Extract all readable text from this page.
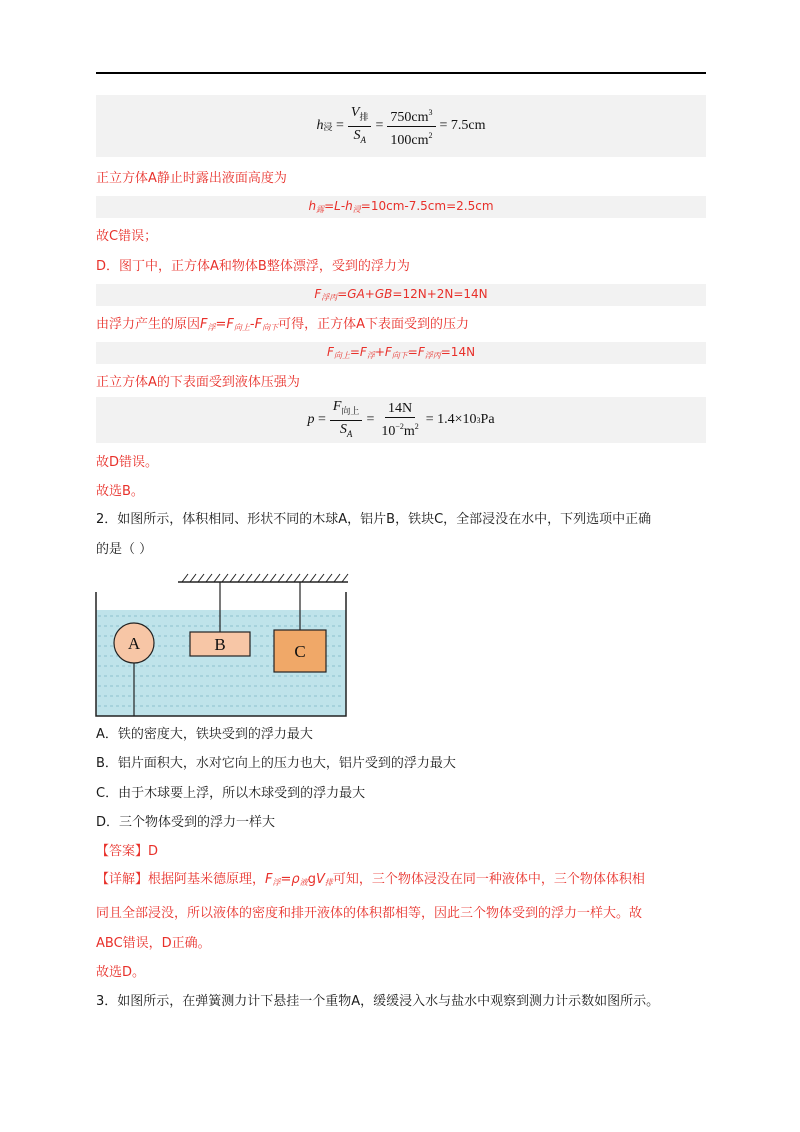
h 浸 = $\frac{V_排}{S_A} = \frac{750cm^3}{100cm^2} = 7.5cm$
正立方体A静止时露出液面高度为
h露=L-h浸=10cm-7.5cm=2.5cm
故C错误；
D．图丁中，正方体A和物体B整体漂浮，受到的浮力为
F浮丙=GA+GB=12N+2N=14N
由浮力产生的原因F浮=F向上-F向下可得，正方体A下表面受到的压力
F向上=F浮+F向下=F浮丙=14N
正立方体A的下表面受到液体压强为
$p = \frac{F_{向上}}{S_A} = \frac{14N}{10^{-2}m^2} = 1.4\times 10$ 3 Pa
故D错误。
故选B。
2．如图所示，体积相同、形状不同的木球A，铝片B，铁块C，全部浸没在水中，下列选项中正确
的是（ ）
A	B	C
A．铁的密度大，铁块受到的浮力最大
B．铝片面积大，水对它向上的压力也大，铝片受到的浮力最大
C．由于木球要上浮，所以木球受到的浮力最大
D．三个物体受到的浮力一样大
【答案】D
【详解】根据阿基米德原理，F浮=ρ液gV排可知，三个物体浸没在同一种液体中，三个物体体积相
同且全部浸没，所以液体的密度和排开液体的体积都相等，因此三个物体受到的浮力一样大。故
ABC错误，D正确。
故选D。
3．如图所示，在弹簧测力计下悬挂一个重物A，缓缓浸入水与盐水中观察到测力计示数如图所示。
